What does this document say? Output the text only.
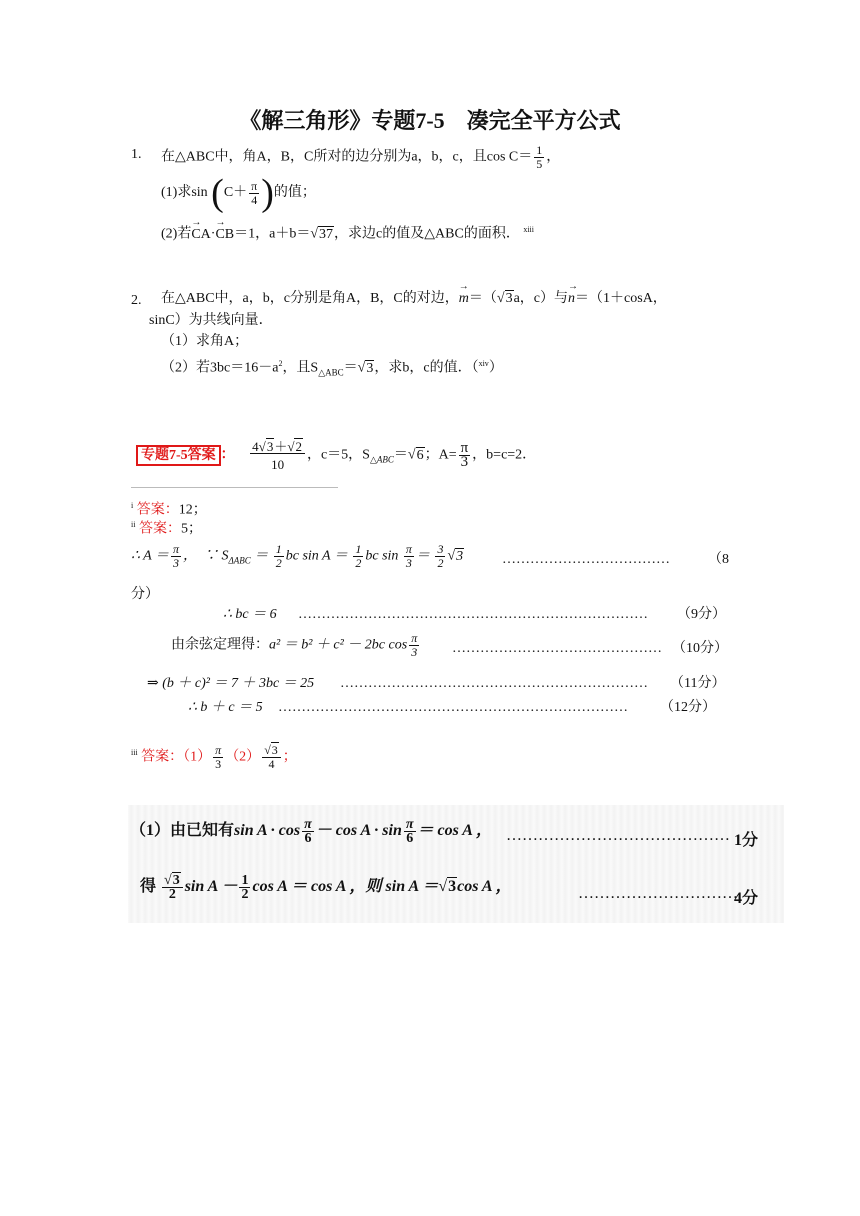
《解三角形》专题7-5　凑完全平方公式
1. 在△ABC中，角A，B，C所对的边分别为a，b，c，且$\cos C= \frac{1}{5}$ ，
(1)求$\sin (C+ \frac{\pi}{4}$ )的值；
(2)若→ CA·→ CB＝1，a＋b＝√37，求边c的值及△ABC的面积． $^{xiii}$
2. 在△ABC中，a，b，c分别是角A，B，C的对边，→ m＝（√3a，c）与→ n＝（1＋cosA，
sinC）为共线向量．
（1）求角A；
（2）若$3bc=16-a^2$，且$S_{\triangle ABC}=√3$，求b，c的值．（$^{xiv}$）
专题7-5答案 ： $\frac{4√3+√2}{10}$ ，c＝5，$S_{\triangle ABC}=√6$；$A= \frac{\pi}{3}$ ，b=c=2．
$^i$ 答案：12；
$^{ii}$ 答案：5；
∴ $A = \frac{\pi}{3}$ ， ∵ $S_{\Delta ABC} = \frac{1}{2}$ bc $\sin A = \frac{1}{2}$ bc $\sin \frac{\pi}{3} = \frac{3}{2} √3$	………………………………	（8
分）
∴ bc ＝ 6 ………………………………………………………………… （9分）
由余弦定理得：a² ＝ b² ＋ c² － 2bc $\cos \frac{\pi}{3}$ ……………………………………… （10分）
⇒ (b ＋ c)² ＝ 7 ＋ 3bc ＝ 25 ………………………………………………………… （11分）
∴ b ＋ c ＝ 5 ………………………………………………………………… （12分）
$^{iii}$ 答案：$(1) \frac{\pi}{3} (2) \frac{√3}{4}$ ；
（1）由已知有$\sin A \cdot \cos \frac{\pi}{6} - \cos A \cdot \sin \frac{\pi}{6} = \cos A$ ， …………………………………… 1分
得 $\frac{√3}{2}$ $\sin A - \frac{1}{2}$ cos A ＝ cos A ，则 sin A ＝√3cos A ，	…………………………
4分
